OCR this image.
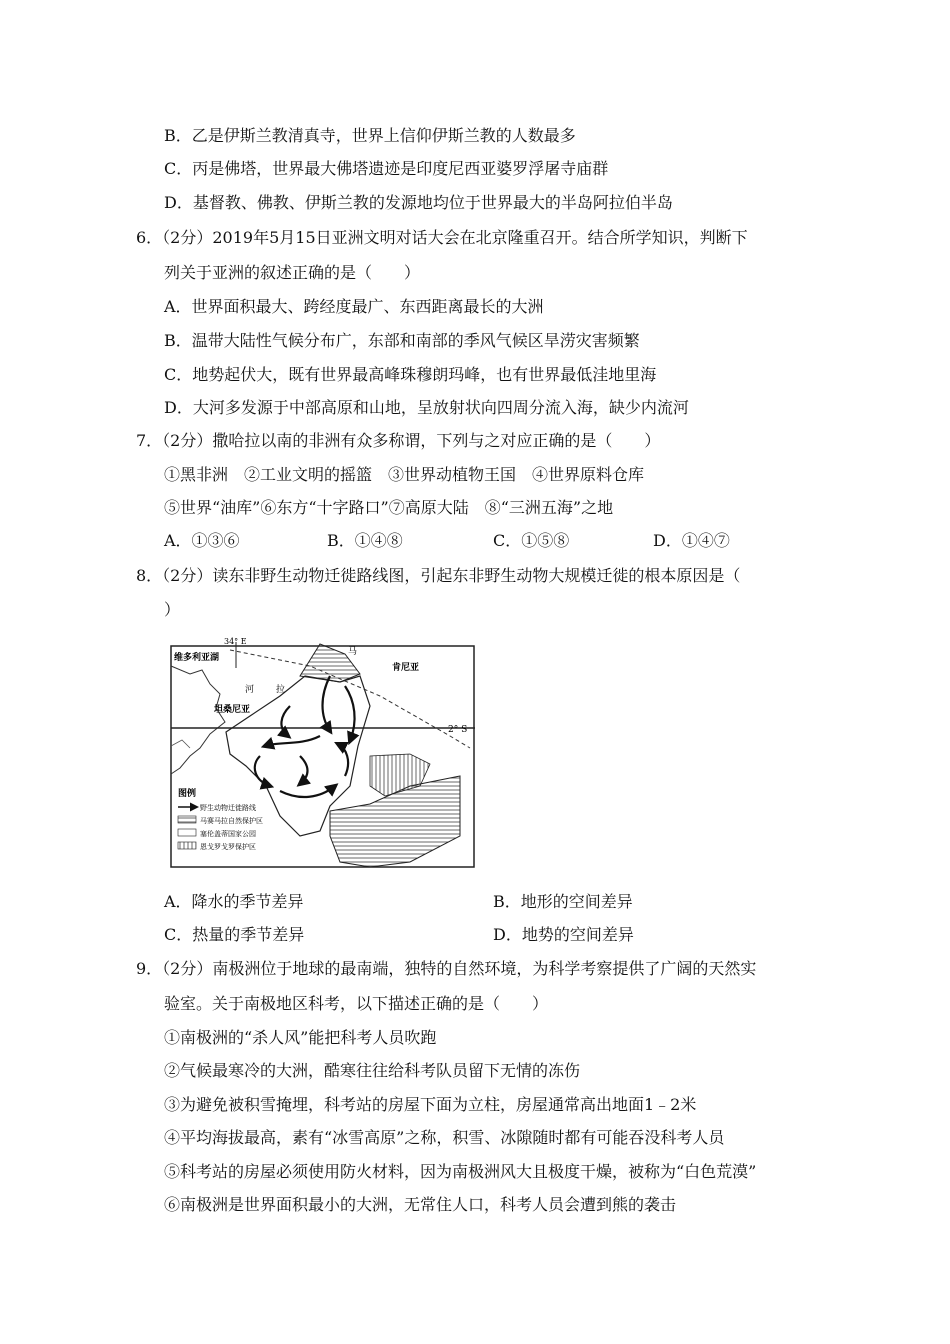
B．乙是伊斯兰教清真寺，世界上信仰伊斯兰教的人数最多
C．丙是佛塔，世界最大佛塔遗迹是印度尼西亚婆罗浮屠寺庙群
D．基督教、佛教、伊斯兰教的发源地均位于世界最大的半岛阿拉伯半岛
6．（2分）2019年5月15日亚洲文明对话大会在北京隆重召开。结合所学知识，判断下
列关于亚洲的叙述正确的是（　　）
A．世界面积最大、跨经度最广、东西距离最长的大洲
B．温带大陆性气候分布广，东部和南部的季风气候区旱涝灾害频繁
C．地势起伏大，既有世界最高峰珠穆朗玛峰，也有世界最低洼地里海
D．大河多发源于中部高原和山地，呈放射状向四周分流入海，缺少内流河
7．（2分）撒哈拉以南的非洲有众多称谓，下列与之对应正确的是（　　）
①黑非洲　②工业文明的摇篮　③世界动植物王国　④世界原料仓库
⑤世界“油库”⑥东方“十字路口”⑦高原大陆　⑧“三洲五海”之地
A．①③⑥	B．①④⑧	C．①⑤⑧	D．①④⑦
8．（2分）读东非野生动物迁徙路线图，引起东非野生动物大规模迁徙的根本原因是（
）
34° E
维多利亚湖
肯尼亚
马
河 拉
坦桑尼亚
2° S
图例
野生动物迁徙路线
马赛马拉自然保护区
塞伦盖蒂国家公园
恩戈罗戈罗保护区
A．降水的季节差异	B．地形的空间差异
C．热量的季节差异	D．地势的空间差异
9．（2分）南极洲位于地球的最南端，独特的自然环境，为科学考察提供了广阔的天然实
验室。关于南极地区科考，以下描述正确的是（　　）
①南极洲的“杀人风”能把科考人员吹跑
②气候最寒冷的大洲，酷寒往往给科考队员留下无情的冻伤
③为避免被积雪掩埋，科考站的房屋下面为立柱，房屋通常高出地面1﹣2米
④平均海拔最高，素有“冰雪高原”之称，积雪、冰隙随时都有可能吞没科考人员
⑤科考站的房屋必须使用防火材料，因为南极洲风大且极度干燥，被称为“白色荒漠”
⑥南极洲是世界面积最小的大洲，无常住人口，科考人员会遭到熊的袭击
